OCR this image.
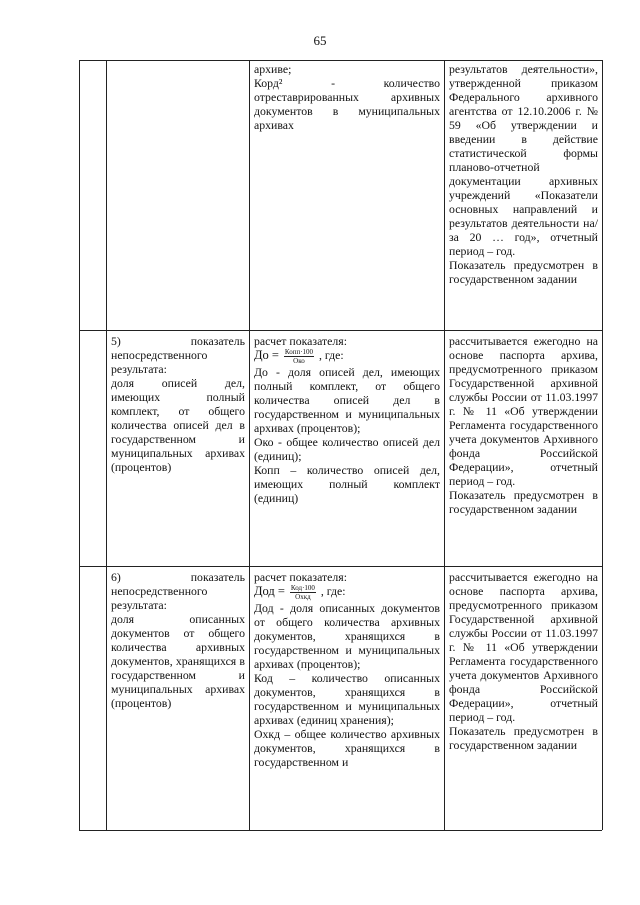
65

архиве;

Корд² - количество отреставрированных архивных документов в муниципальных архивах

результатов деятельности», утвержденной приказом Федерального архивного агентства от 12.10.2006 г. № 59 «Об утверждении и введении в действие статистической формы планово-отчетной документации архивных учреждений «Показатели основных направлений и результатов деятельности на/за 20 … год», отчетный период – год.

Показатель предусмотрен в государственном задании

5) показатель непосредственного результата:

доля описей дел, имеющих полный комплект, от общего количества описей дел в государственном и муниципальных архивах (процентов)

расчет показателя:

До = $\frac{\text{Копп·100}}{\text{Око}}$ , где:

До - доля описей дел, имеющих полный комплект, от общего количества описей дел в государственном и муниципальных архивах (процентов);

Око - общее количество описей дел (единиц);

Копп – количество описей дел, имеющих полный комплект (единиц)

рассчитывается ежегодно на основе паспорта архива, предусмотренного приказом Государственной архивной службы России от 11.03.1997 г. № 11 «Об утверждении Регламента государственного учета документов Архивного фонда Российской Федерации», отчетный период – год.

Показатель предусмотрен в государственном задании

6) показатель непосредственного результата:

доля описанных документов от общего количества архивных документов, хранящихся в государственном и муниципальных архивах (процентов)

расчет показателя:

Дод = $\frac{\text{Код·100}}{\text{Охкд}}$ , где:

Дод - доля описанных документов от общего количества архивных документов, хранящихся в государственном и муниципальных архивах (процентов);

Код – количество описанных документов, хранящихся в государственном и муниципальных архивах (единиц хранения);

Охкд – общее количество архивных документов, хранящихся в государственном и

рассчитывается ежегодно на основе паспорта архива, предусмотренного приказом Государственной архивной службы России от 11.03.1997 г. № 11 «Об утверждении Регламента государственного учета документов Архивного фонда Российской Федерации», отчетный период – год.

Показатель предусмотрен в государственном задании
